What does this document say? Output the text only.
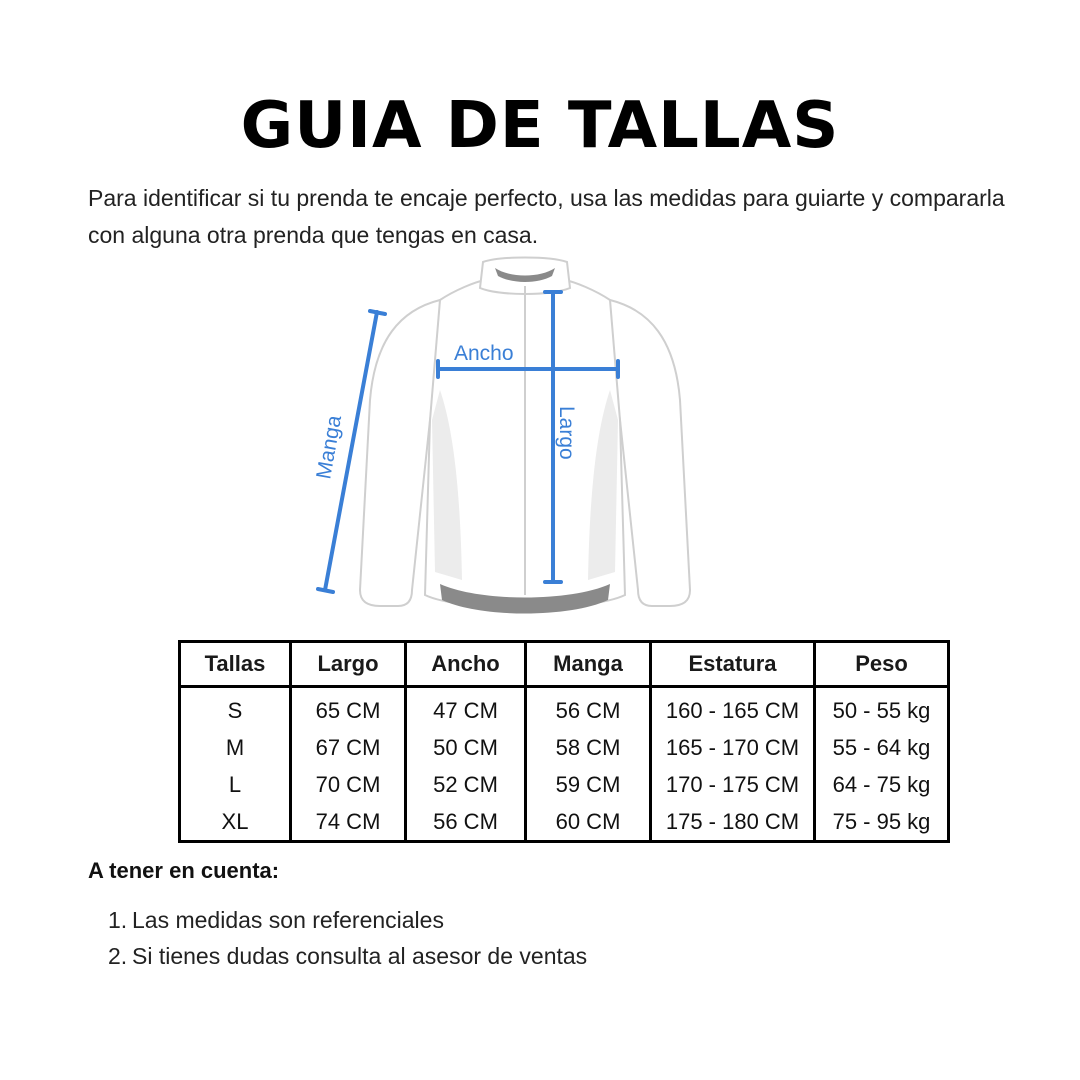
GUIA DE TALLAS
Para identificar si tu prenda te encaje perfecto, usa las medidas para guiarte y compararla con alguna otra prenda que tengas en casa.
Ancho
Largo
Manga
Tallas	Largo	Ancho	Manga	Estatura	Peso
S	65 CM	47 CM	56 CM	160 - 165 CM	50 - 55 kg
M	67 CM	50 CM	58 CM	165 - 170 CM	55 - 64 kg
L	70 CM	52 CM	59 CM	170 - 175 CM	64 - 75 kg
XL	74 CM	56 CM	60 CM	175 - 180 CM	75 - 95 kg
A tener en cuenta:
1. Las medidas son referenciales
2. Si tienes dudas consulta al asesor de ventas
